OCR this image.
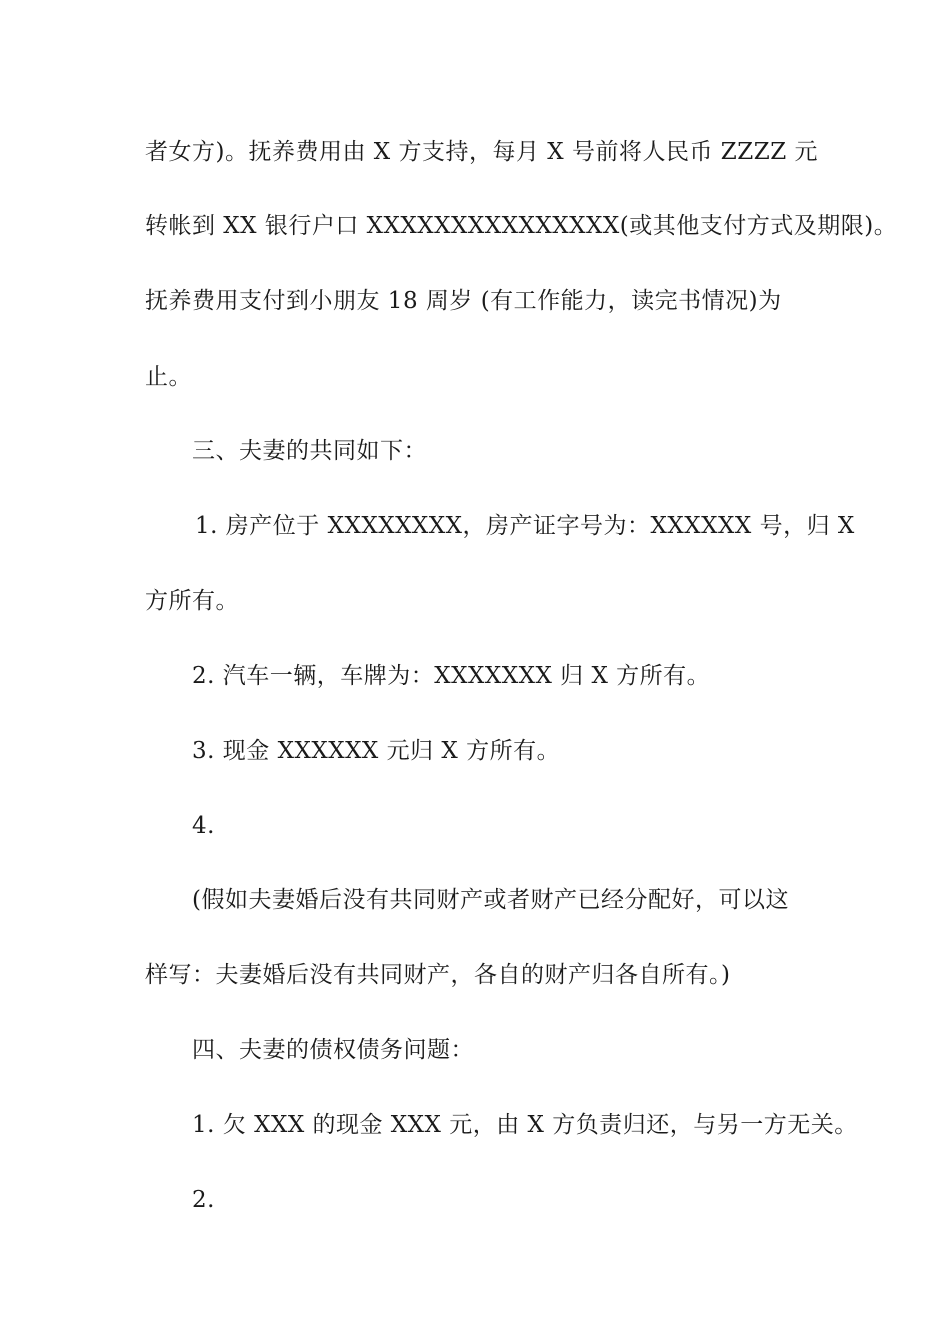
者女方)。抚养费用由 X 方支持，每月 X 号前将人民币 ZZZZ 元
转帐到 XX 银行户口 XXXXXXXXXXXXXXX(或其他支付方式及期限)。
抚养费用支付到小朋友 18 周岁 (有工作能力，读完书情况)为
止。
三、夫妻的共同如下：
1. 房产位于 XXXXXXXX，房产证字号为：XXXXXX 号，归 X
方所有。
2. 汽车一辆，车牌为：XXXXXXX 归 X 方所有。
3. 现金 XXXXXX 元归 X 方所有。
4.
(假如夫妻婚后没有共同财产或者财产已经分配好，可以这
样写：夫妻婚后没有共同财产，各自的财产归各自所有。)
四、夫妻的债权债务问题：
1. 欠 XXX 的现金 XXX 元，由 X 方负责归还，与另一方无关。
2.
